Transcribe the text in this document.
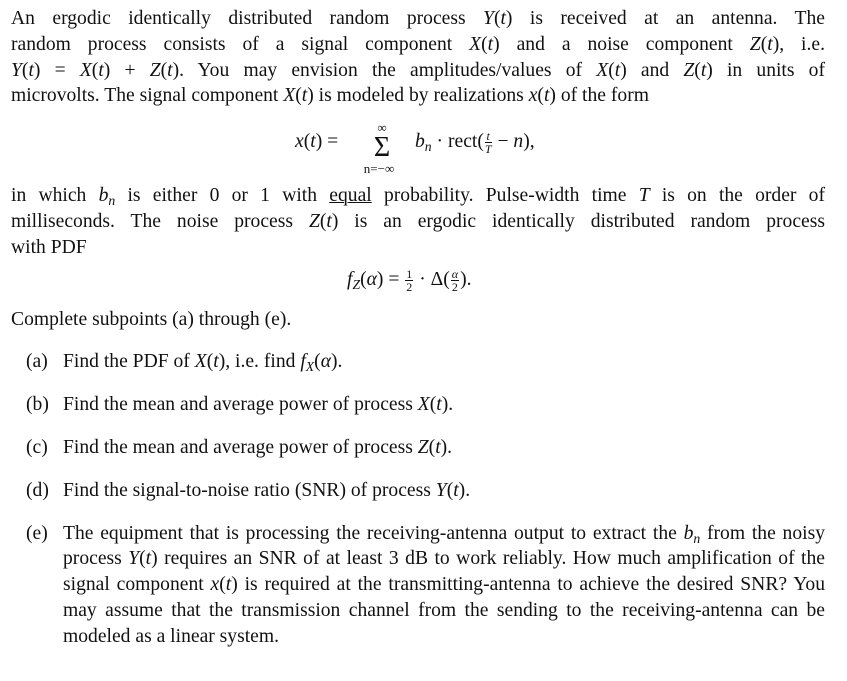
An ergodic identically distributed random process Y(t) is received at an antenna. The
random process consists of a signal component X(t) and a noise component Z(t), i.e.
Y(t) = X(t) + Z(t). You may envision the amplitudes/values of X(t) and Z(t) in units of
microvolts. The signal component X(t) is modeled by realizations x(t) of the form
x(t) =
∞
Σ
n=−∞
$b_n$ · rect( $\frac{t}{T} - n$),
in which $b_n$ is either 0 or 1 with equal probability. Pulse-width time T is on the order of
milliseconds. The noise process Z(t) is an ergodic identically distributed random process
with PDF
$f_Z(\alpha) = \frac{1}{2} \cdot \Delta( \frac{\alpha}{2}$ ).
Complete subpoints (a) through (e).
(a) Find the PDF of X(t), i.e. find $f_X(\alpha)$.
(b) Find the mean and average power of process X(t).
(c) Find the mean and average power of process Z(t).
(d) Find the signal-to-noise ratio (SNR) of process Y(t).
(e) The equipment that is processing the receiving-antenna output to extract the $b_n$ from the noisy process Y(t) requires an SNR of at least 3 dB to work reliably. How much amplification of the signal component x(t) is required at the transmitting-antenna to achieve the desired SNR? You may assume that the transmission channel from the sending to the receiving-antenna can be modeled as a linear system.
